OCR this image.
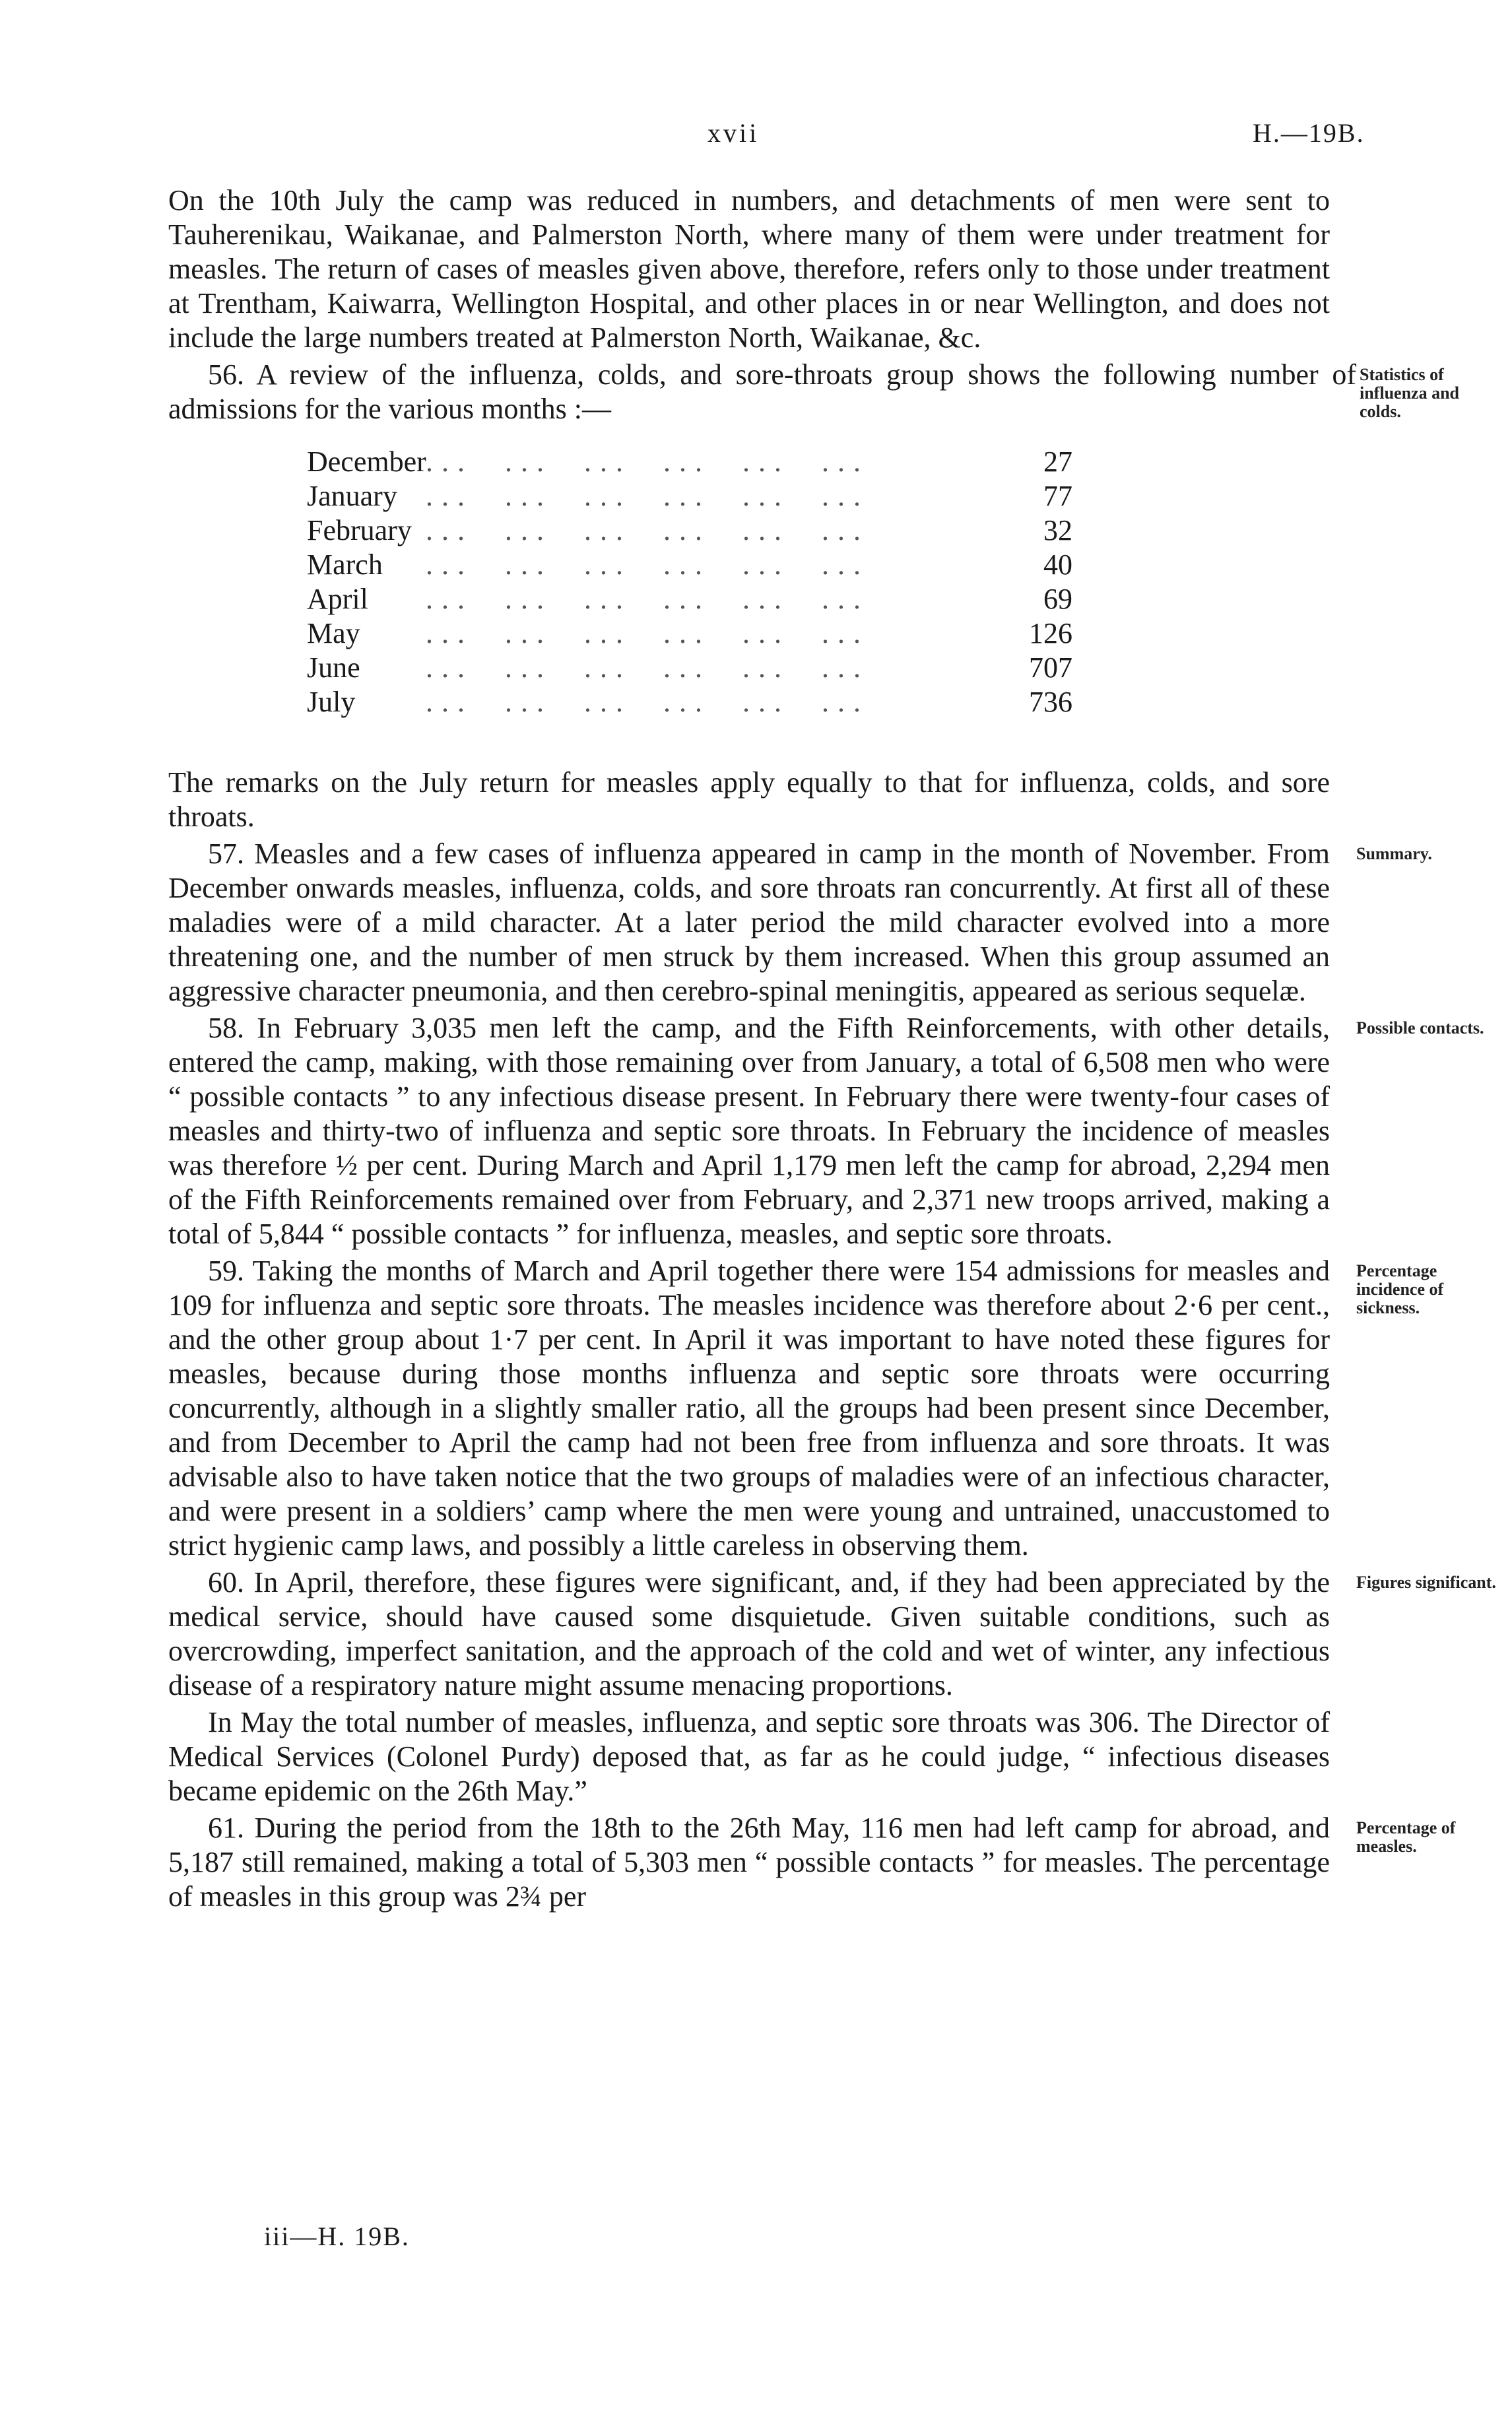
xvii	H.—19B.

On the 10th July the camp was reduced in numbers, and detachments of men were sent to Tauherenikau, Waikanae, and Palmerston North, where many of them were under treatment for measles. The return of cases of measles given above, therefore, refers only to those under treatment at Trentham, Kaiwarra, Wellington Hospital, and other places in or near Wellington, and does not include the large numbers treated at Palmerston North, Waikanae, &c.

56. A review of the influenza, colds, and sore-throats group shows the following number of admissions for the various months :—

Statistics of influenza and colds.
December . . .     . . .     . . .     . . .     . . .     . . .	27
January . . .     . . .     . . .     . . .     . . .     . . .	77
February . . .     . . .     . . .     . . .     . . .     . . .	32
March	. . .     . . .     . . .     . . .     . . .     . . .	40
April	. . .     . . .     . . .     . . .     . . .     . . .	69
May	. . .     . . .     . . .     . . .     . . .     . . .	126
June	. . .     . . .     . . .     . . .     . . .     . . .	707
July	. . .     . . .     . . .     . . .     . . .     . . .	736

The remarks on the July return for measles apply equally to that for influenza, colds, and sore throats.

57. Measles and a few cases of influenza appeared in camp in the month of November. From December onwards measles, influenza, colds, and sore throats ran concurrently. At first all of these maladies were of a mild character. At a later period the mild character evolved into a more threatening one, and the number of men struck by them increased. When this group assumed an aggressive character pneumonia, and then cerebro-spinal meningitis, appeared as serious sequelæ.

Summary.

58. In February 3,035 men left the camp, and the Fifth Reinforcements, with other details, entered the camp, making, with those remaining over from January, a total of 6,508 men who were “ possible contacts ” to any infectious disease present. In February there were twenty-four cases of measles and thirty-two of influenza and septic sore throats. In February the incidence of measles was therefore ½ per cent. During March and April 1,179 men left the camp for abroad, 2,294 men of the Fifth Reinforcements remained over from February, and 2,371 new troops arrived, making a total of 5,844 “ possible contacts ” for influenza, measles, and septic sore throats.

Possible contacts.

59. Taking the months of March and April together there were 154 admissions for measles and 109 for influenza and septic sore throats. The measles incidence was therefore about 2·6 per cent., and the other group about 1·7 per cent. In April it was important to have noted these figures for measles, because during those months influenza and septic sore throats were occurring concurrently, although in a slightly smaller ratio, all the groups had been present since December, and from December to April the camp had not been free from influenza and sore throats. It was advisable also to have taken notice that the two groups of maladies were of an infectious character, and were present in a soldiers’ camp where the men were young and untrained, unaccustomed to strict hygienic camp laws, and possibly a little careless in observing them.

Percentage incidence of sickness.

60. In April, therefore, these figures were significant, and, if they had been appreciated by the medical service, should have caused some disquietude. Given suitable conditions, such as overcrowding, imperfect sanitation, and the approach of the cold and wet of winter, any infectious disease of a respiratory nature might assume menacing proportions.

Figures significant.

In May the total number of measles, influenza, and septic sore throats was 306. The Director of Medical Services (Colonel Purdy) deposed that, as far as he could judge, “ infectious diseases became epidemic on the 26th May.”

61. During the period from the 18th to the 26th May, 116 men had left camp for abroad, and 5,187 still remained, making a total of 5,303 men “ possible contacts ” for measles. The percentage of measles in this group was 2¾ per

Percentage of measles.
iii—H. 19B.
